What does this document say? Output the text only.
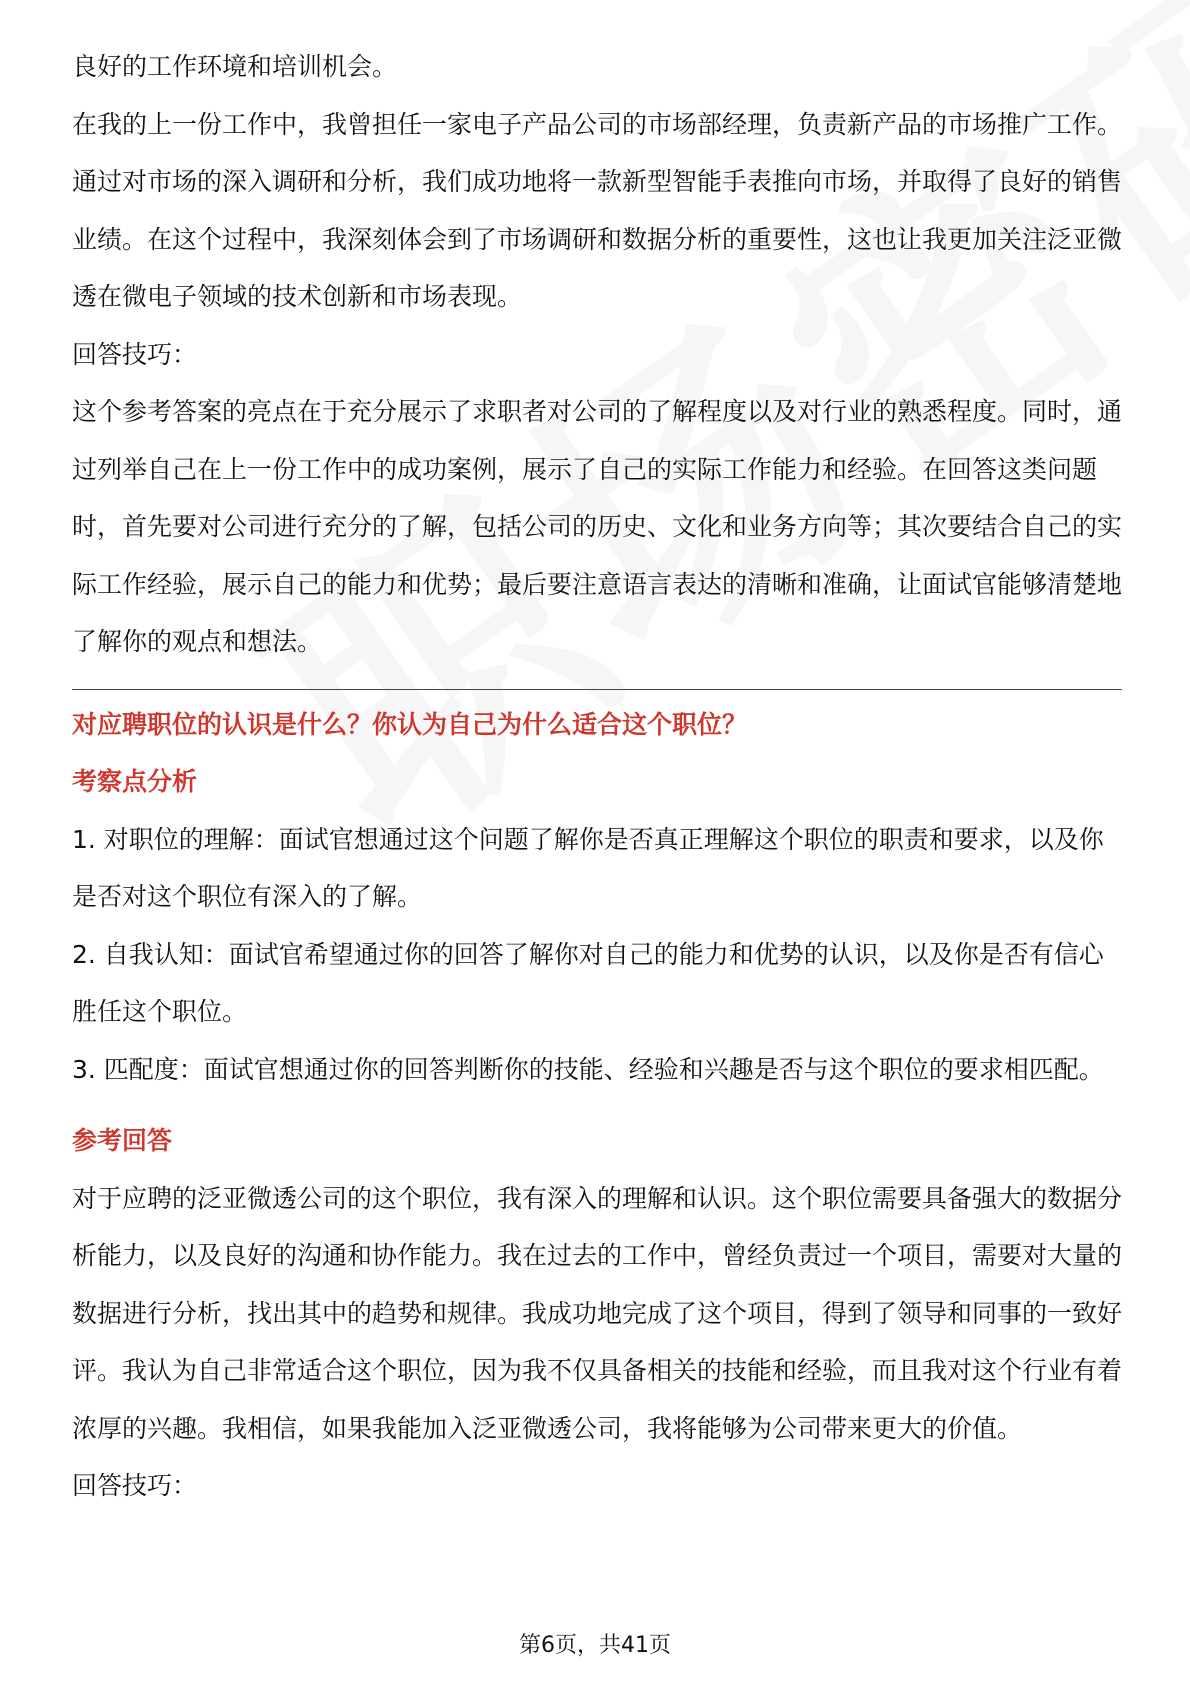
良好的工作环境和培训机会。

在我的上一份工作中，我曾担任一家电子产品公司的市场部经理，负责新产品的市场推广工作。通过对市场的深入调研和分析，我们成功地将一款新型智能手表推向市场，并取得了良好的销售业绩。在这个过程中，我深刻体会到了市场调研和数据分析的重要性，这也让我更加关注泛亚微透在微电子领域的技术创新和市场表现。

回答技巧：

这个参考答案的亮点在于充分展示了求职者对公司的了解程度以及对行业的熟悉程度。同时，通过列举自己在上一份工作中的成功案例，展示了自己的实际工作能力和经验。在回答这类问题时，首先要对公司进行充分的了解，包括公司的历史、文化和业务方向等；其次要结合自己的实际工作经验，展示自己的能力和优势；最后要注意语言表达的清晰和准确，让面试官能够清楚地了解你的观点和想法。

对应聘职位的认识是什么？你认为自己为什么适合这个职位？

考察点分析

1. 对职位的理解：面试官想通过这个问题了解你是否真正理解这个职位的职责和要求，以及你是否对这个职位有深入的了解。

2. 自我认知：面试官希望通过你的回答了解你对自己的能力和优势的认识，以及你是否有信心胜任这个职位。

3. 匹配度：面试官想通过你的回答判断你的技能、经验和兴趣是否与这个职位的要求相匹配。

参考回答

对于应聘的泛亚微透公司的这个职位，我有深入的理解和认识。这个职位需要具备强大的数据分析能力，以及良好的沟通和协作能力。我在过去的工作中，曾经负责过一个项目，需要对大量的数据进行分析，找出其中的趋势和规律。我成功地完成了这个项目，得到了领导和同事的一致好评。我认为自己非常适合这个职位，因为我不仅具备相关的技能和经验，而且我对这个行业有着浓厚的兴趣。我相信，如果我能加入泛亚微透公司，我将能够为公司带来更大的价值。

回答技巧：

第6页，共41页
